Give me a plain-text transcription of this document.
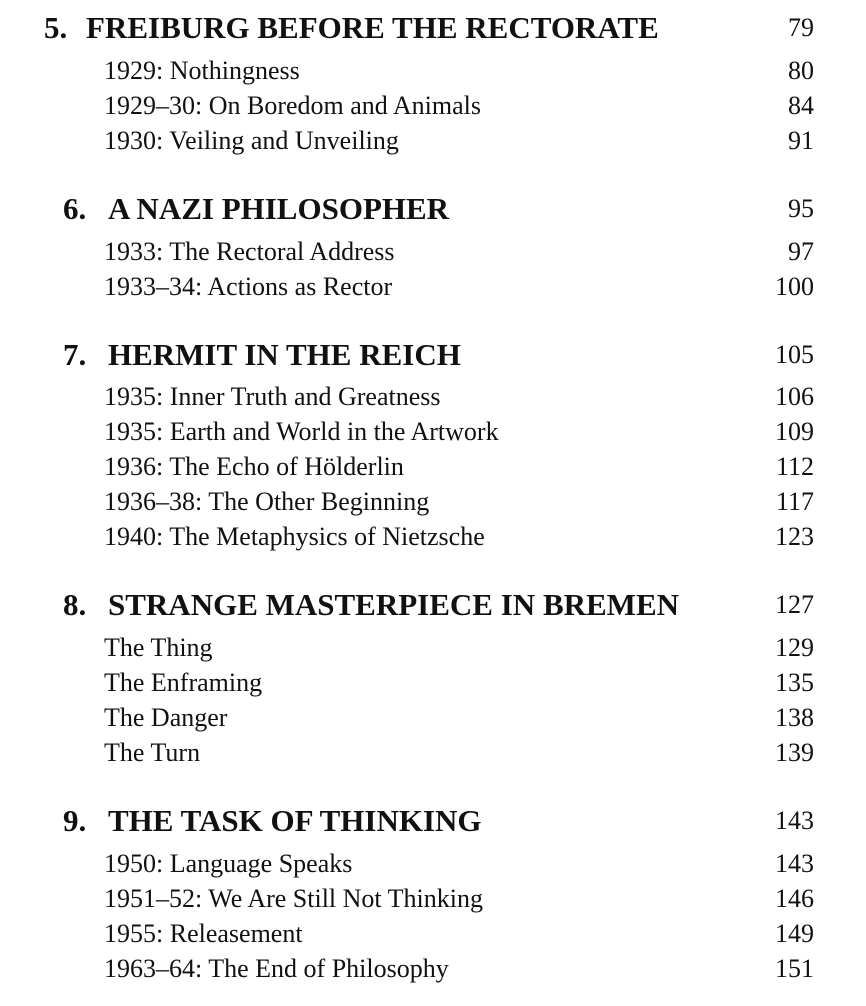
5. FREIBURG BEFORE THE RECTORATE	79
1929: Nothingness	80
1929–30: On Boredom and Animals	84
1930: Veiling and Unveiling	91
6. A NAZI PHILOSOPHER	95
1933: The Rectoral Address	97
1933–34: Actions as Rector	100
7. HERMIT IN THE REICH	105
1935: Inner Truth and Greatness	106
1935: Earth and World in the Artwork	109
1936: The Echo of Hölderlin	112
1936–38: The Other Beginning	117
1940: The Metaphysics of Nietzsche	123
8. STRANGE MASTERPIECE IN BREMEN	127
The Thing	129
The Enframing	135
The Danger	138
The Turn	139
9. THE TASK OF THINKING	143
1950: Language Speaks	143
1951–52: We Are Still Not Thinking	146
1955: Releasement	149
1963–64: The End of Philosophy	151
